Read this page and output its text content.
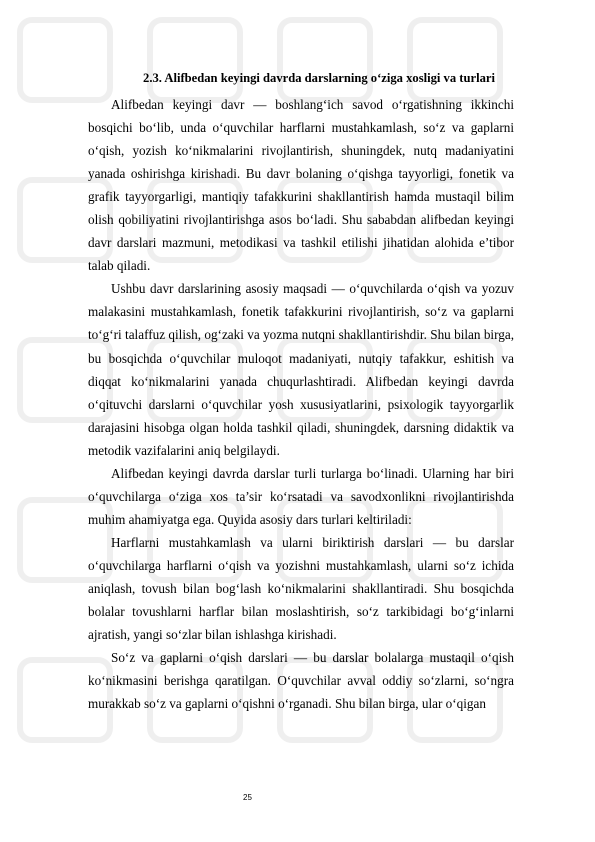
2.3. Alifbedan keyingi davrda darslarning o‘ziga xosligi va turlari

Alifbedan keyingi davr — boshlang‘ich savod o‘rgatishning ikkinchi bosqichi bo‘lib, unda o‘quvchilar harflarni mustahkamlash, so‘z va gaplarni o‘qish, yozish ko‘nikmalarini rivojlantirish, shuningdek, nutq madaniyatini yanada oshirishga kirishadi. Bu davr bolaning o‘qishga tayyorligi, fonetik va grafik tayyorgarligi, mantiqiy tafakkurini shakllantirish hamda mustaqil bilim olish qobiliyatini rivojlantirishga asos bo‘ladi. Shu sababdan alifbedan keyingi davr darslari mazmuni, metodikasi va tashkil etilishi jihatidan alohida e’tibor talab qiladi.

Ushbu davr darslarining asosiy maqsadi — o‘quvchilarda o‘qish va yozuv malakasini mustahkamlash, fonetik tafakkurini rivojlantirish, so‘z va gaplarni to‘g‘ri talaffuz qilish, og‘zaki va yozma nutqni shakllantirishdir. Shu bilan birga, bu bosqichda o‘quvchilar muloqot madaniyati, nutqiy tafakkur, eshitish va diqqat ko‘nikmalarini yanada chuqurlashtiradi. Alifbedan keyingi davrda o‘qituvchi darslarni o‘quvchilar yosh xususiyatlarini, psixologik tayyorgarlik darajasini hisobga olgan holda tashkil qiladi, shuningdek, darsning didaktik va metodik vazifalarini aniq belgilaydi.

Alifbedan keyingi davrda darslar turli turlarga bo‘linadi. Ularning har biri o‘quvchilarga o‘ziga xos ta’sir ko‘rsatadi va savodxonlikni rivojlantirishda muhim ahamiyatga ega. Quyida asosiy dars turlari keltiriladi:

Harflarni mustahkamlash va ularni biriktirish darslari — bu darslar o‘quvchilarga harflarni o‘qish va yozishni mustahkamlash, ularni so‘z ichida aniqlash, tovush bilan bog‘lash ko‘nikmalarini shakllantiradi. Shu bosqichda bolalar tovushlarni harflar bilan moslashtirish, so‘z tarkibidagi bo‘g‘inlarni ajratish, yangi so‘zlar bilan ishlashga kirishadi.

So‘z va gaplarni o‘qish darslari — bu darslar bolalarga mustaqil o‘qish ko‘nikmasini berishga qaratilgan. O‘quvchilar avval oddiy so‘zlarni, so‘ngra murakkab so‘z va gaplarni o‘qishni o‘rganadi. Shu bilan birga, ular o‘qigan

25
